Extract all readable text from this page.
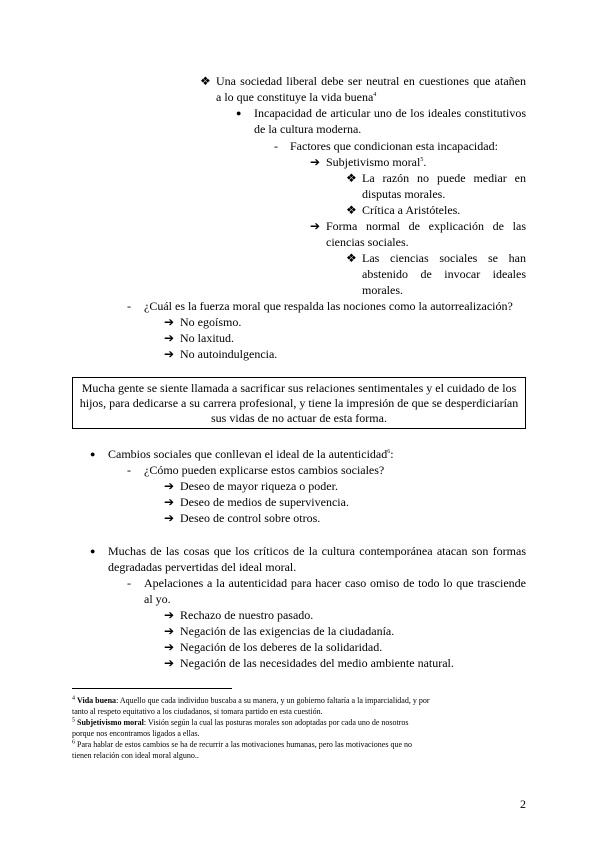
❖ Una sociedad liberal debe ser neutral en cuestiones que atañen
a lo que constituye la vida buena$^4$
● Incapacidad de articular uno de los ideales constitutivos
de la cultura moderna.
- Factores que condicionan esta incapacidad:
➔ Subjetivismo moral$^5$.
❖ La razón no puede mediar en
disputas morales.
❖ Crítica a Aristóteles.
➔ Forma normal de explicación de las
ciencias sociales.
❖ Las ciencias sociales se han
abstenido de invocar ideales
morales.
- ¿Cuál es la fuerza moral que respalda las nociones como la autorrealización?
➔ No egoísmo.
➔ No laxitud.
➔ No autoindulgencia.
Mucha gente se siente llamada a sacrificar sus relaciones sentimentales y el cuidado de los
hijos, para dedicarse a su carrera profesional, y tiene la impresión de que se desperdiciarían
sus vidas de no actuar de esta forma.
● Cambios sociales que conllevan el ideal de la autenticidad$^6$:
- ¿Cómo pueden explicarse estos cambios sociales?
➔ Deseo de mayor riqueza o poder.
➔ Deseo de medios de supervivencia.
➔ Deseo de control sobre otros.
● Muchas de las cosas que los críticos de la cultura contemporánea atacan son formas
degradadas pervertidas del ideal moral.
- Apelaciones a la autenticidad para hacer caso omiso de todo lo que trasciende
al yo.
➔ Rechazo de nuestro pasado.
➔ Negación de las exigencias de la ciudadanía.
➔ Negación de los deberes de la solidaridad.
➔ Negación de las necesidades del medio ambiente natural.
$^4$ Vida buena: Aquello que cada individuo buscaba a su manera, y un gobierno faltaría a la imparcialidad, y por
tanto al respeto equitativo a los ciudadanos, si tomara partido en esta cuestión.
$^5$ Subjetivismo moral: Visión según la cual las posturas morales son adoptadas por cada uno de nosotros
porque nos encontramos ligados a ellas.
$^6$ Para hablar de estos cambios se ha de recurrir a las motivaciones humanas, pero las motivaciones que no
tienen relación con ideal moral alguno..
2
